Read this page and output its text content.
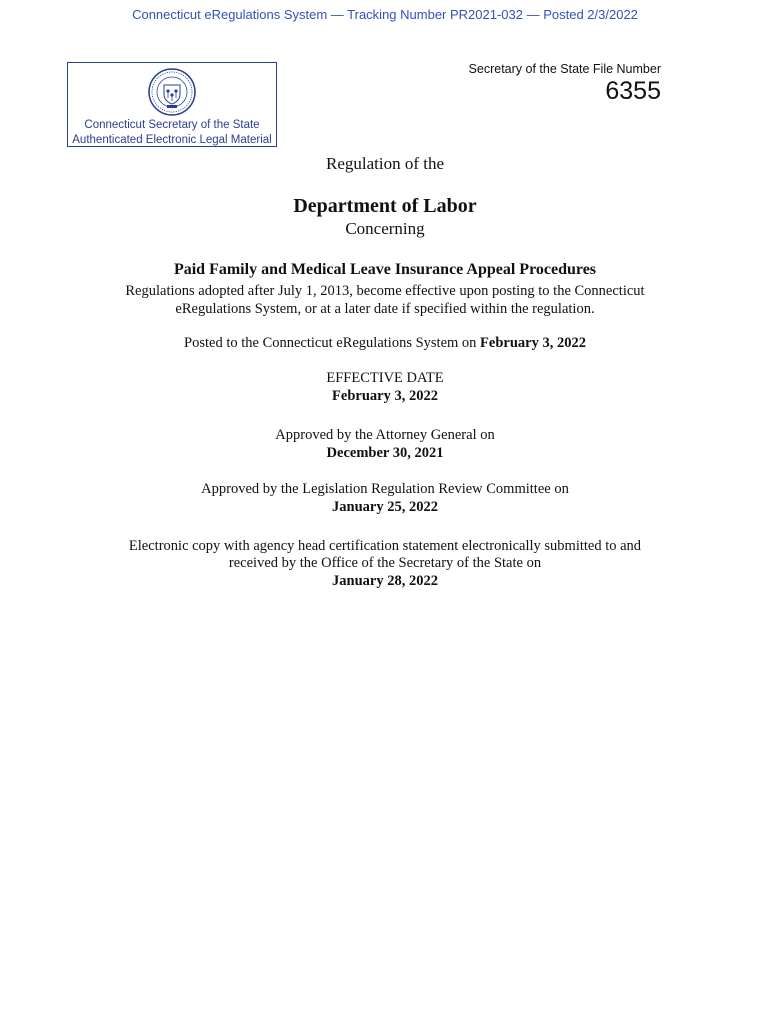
Connecticut eRegulations System — Tracking Number PR2021-032 — Posted 2/3/2022
Connecticut Secretary of the State
Authenticated Electronic Legal Material
Secretary of the State File Number
6355
Regulation of the
Department of Labor
Concerning
Paid Family and Medical Leave Insurance Appeal Procedures
Regulations adopted after July 1, 2013, become effective upon posting to the Connecticut
eRegulations System, or at a later date if specified within the regulation.
Posted to the Connecticut eRegulations System on February 3, 2022
EFFECTIVE DATE
February 3, 2022
Approved by the Attorney General on
December 30, 2021
Approved by the Legislation Regulation Review Committee on
January 25, 2022
Electronic copy with agency head certification statement electronically submitted to and
received by the Office of the Secretary of the State on
January 28, 2022
